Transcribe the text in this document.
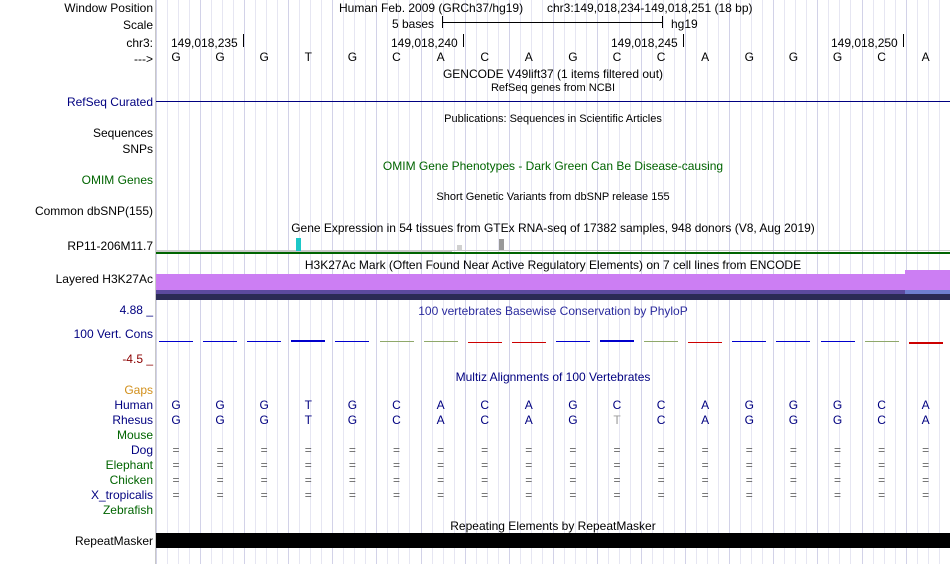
Window Position	Human Feb. 2009 (GRCh37/hg19) chr3:149,018,234-149,018,251 (18 bp)
Scale	5 bases	hg19
chr3: 149,018,235	149,018,240	149,018,245	149,018,250
--->	G	G	G	T	G	C	A	C	A	G	C	C	A	G	G	G	C	A
GENCODE V49lift37 (1 items filtered out)
RefSeq genes from NCBI
RefSeq Curated
Publications: Sequences in Scientific Articles
Sequences
SNPs
OMIM Gene Phenotypes - Dark Green Can Be Disease-causing
OMIM Genes
Short Genetic Variants from dbSNP release 155
Common dbSNP(155)
Gene Expression in 54 tissues from GTEx RNA-seq of 17382 samples, 948 donors (V8, Aug 2019)
RP11-206M11.7
H3K27Ac Mark (Often Found Near Active Regulatory Elements) on 7 cell lines from ENCODE
Layered H3K27Ac
100 vertebrates Basewise Conservation by PhyloP
4.88 _
100 Vert. Cons
-4.5 _
Multiz Alignments of 100 Vertebrates
Gaps
Human	G	G	G	T	G	C	A	C	A	G	C	C	A	G	G	G	C	A
Rhesus	G	G	G	T	G	C	A	C	A	G	T	C	A	G	G	G	C	A
Mouse
Dog	=	=	=	=	=	=	=	=	=	=	=	=	=	=	=	=	=	=
Elephant	=	=	=	=	=	=	=	=	=	=	=	=	=	=	=	=	=	=
Chicken	=	=	=	=	=	=	=	=	=	=	=	=	=	=	=	=	=	=
X_tropicalis	=	=	=	=	=	=	=	=	=	=	=	=	=	=	=	=	=	=
Zebrafish
Repeating Elements by RepeatMasker
RepeatMasker
